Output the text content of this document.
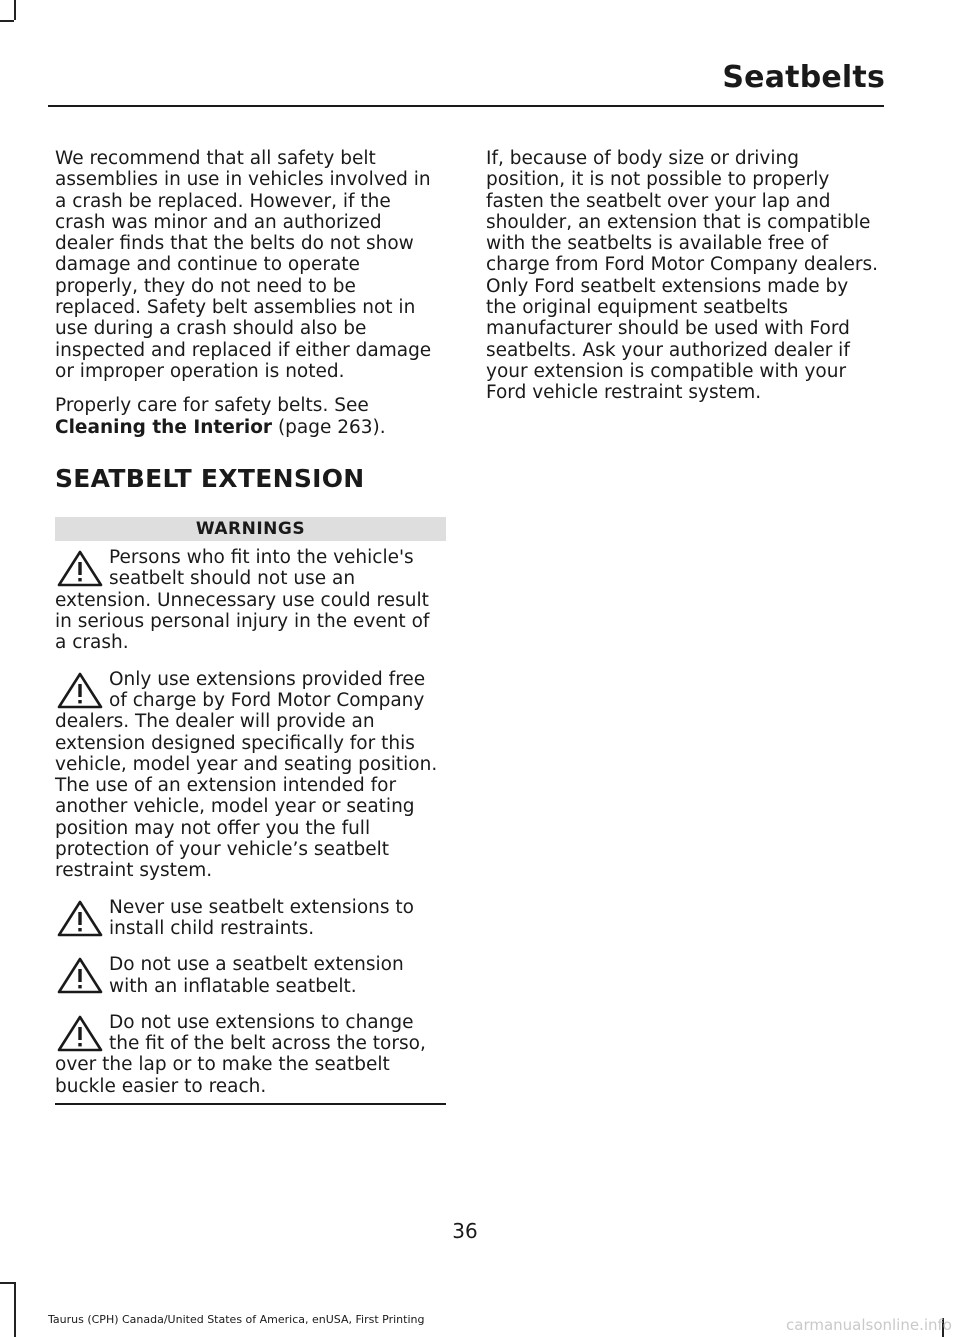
Seatbelts

We recommend that all safety belt assemblies in use in vehicles involved in a crash be replaced. However, if the crash was minor and an authorized dealer finds that the belts do not show damage and continue to operate properly, they do not need to be replaced. Safety belt assemblies not in use during a crash should also be inspected and replaced if either damage or improper operation is noted.

Properly care for safety belts. See Cleaning the Interior (page 263).

SEATBELT EXTENSION
WARNINGS
Persons who fit into the vehicle's seatbelt should not use an extension. Unnecessary use could result in serious personal injury in the event of a crash.
Only use extensions provided free of charge by Ford Motor Company dealers. The dealer will provide an extension designed specifically for this vehicle, model year and seating position. The use of an extension intended for another vehicle, model year or seating position may not offer you the full protection of your vehicle’s seatbelt restraint system.
Never use seatbelt extensions to install child restraints.
Do not use a seatbelt extension with an inflatable seatbelt.
Do not use extensions to change the fit of the belt across the torso, over the lap or to make the seatbelt buckle easier to reach.

If, because of body size or driving position, it is not possible to properly fasten the seatbelt over your lap and shoulder, an extension that is compatible with the seatbelts is available free of charge from Ford Motor Company dealers. Only Ford seatbelt extensions made by the original equipment seatbelts manufacturer should be used with Ford seatbelts. Ask your authorized dealer if your extension is compatible with your Ford vehicle restraint system.

36
Taurus (CPH) Canada/United States of America, enUSA, First Printing	carmanualsonline.info
